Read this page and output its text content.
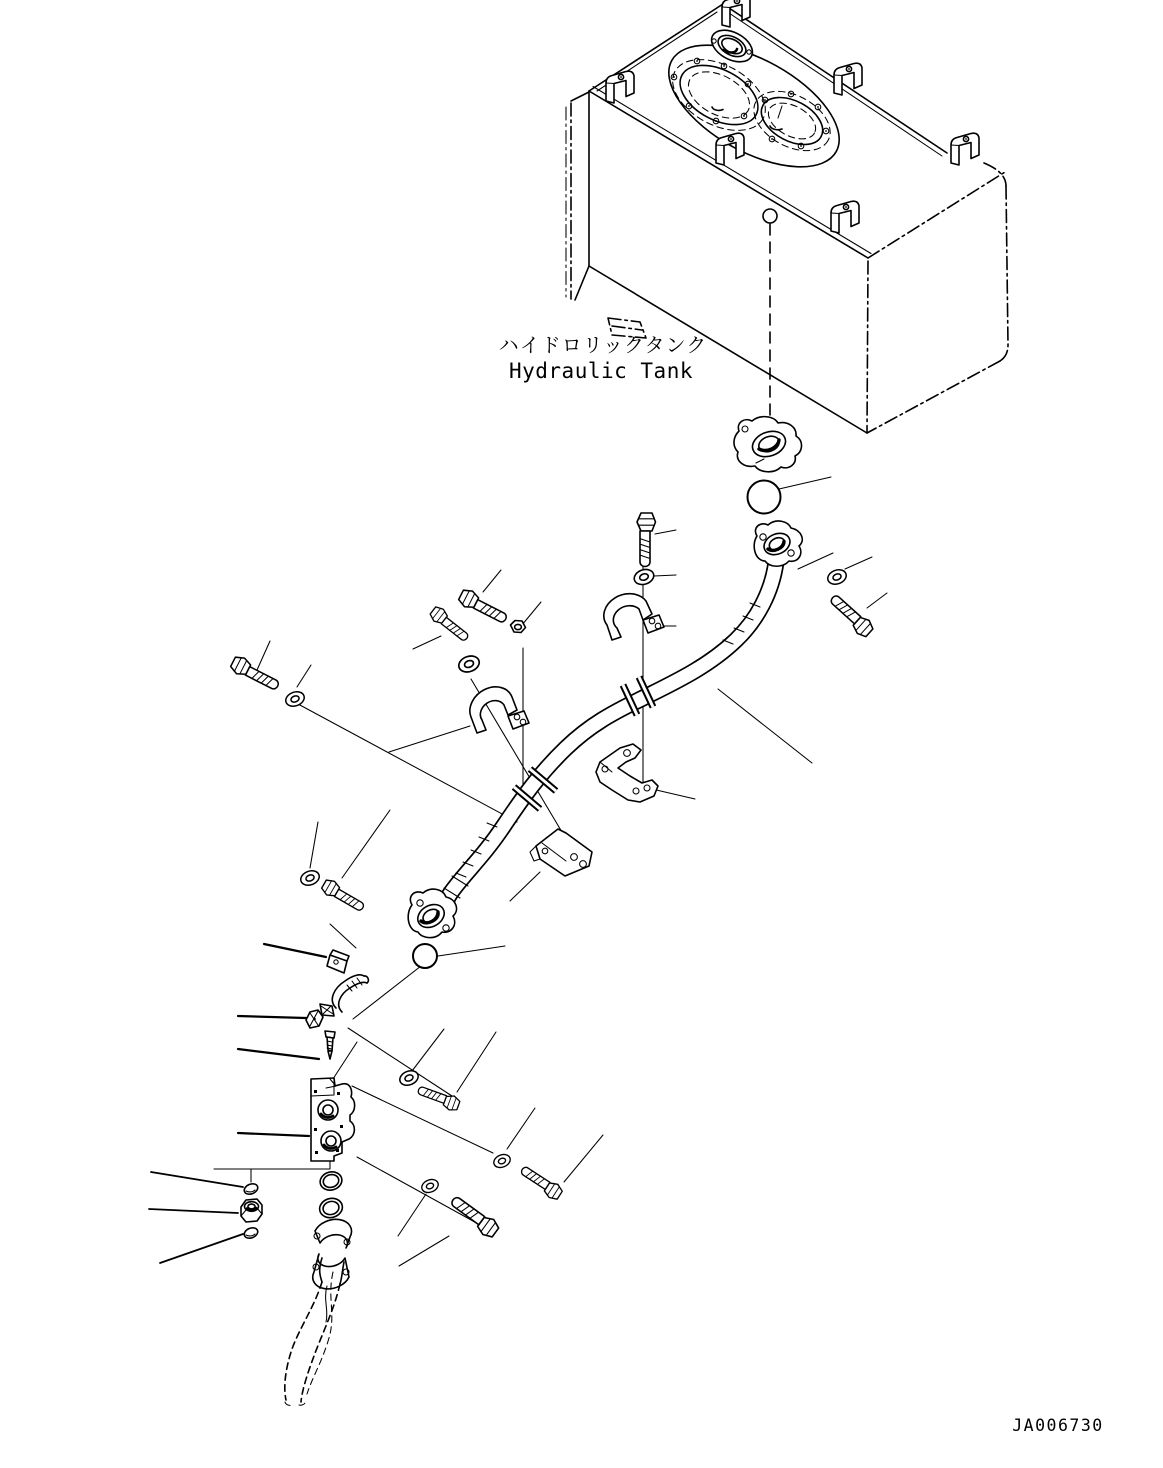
ハイドロリックタンク
Hydraulic Tank
JA006730
